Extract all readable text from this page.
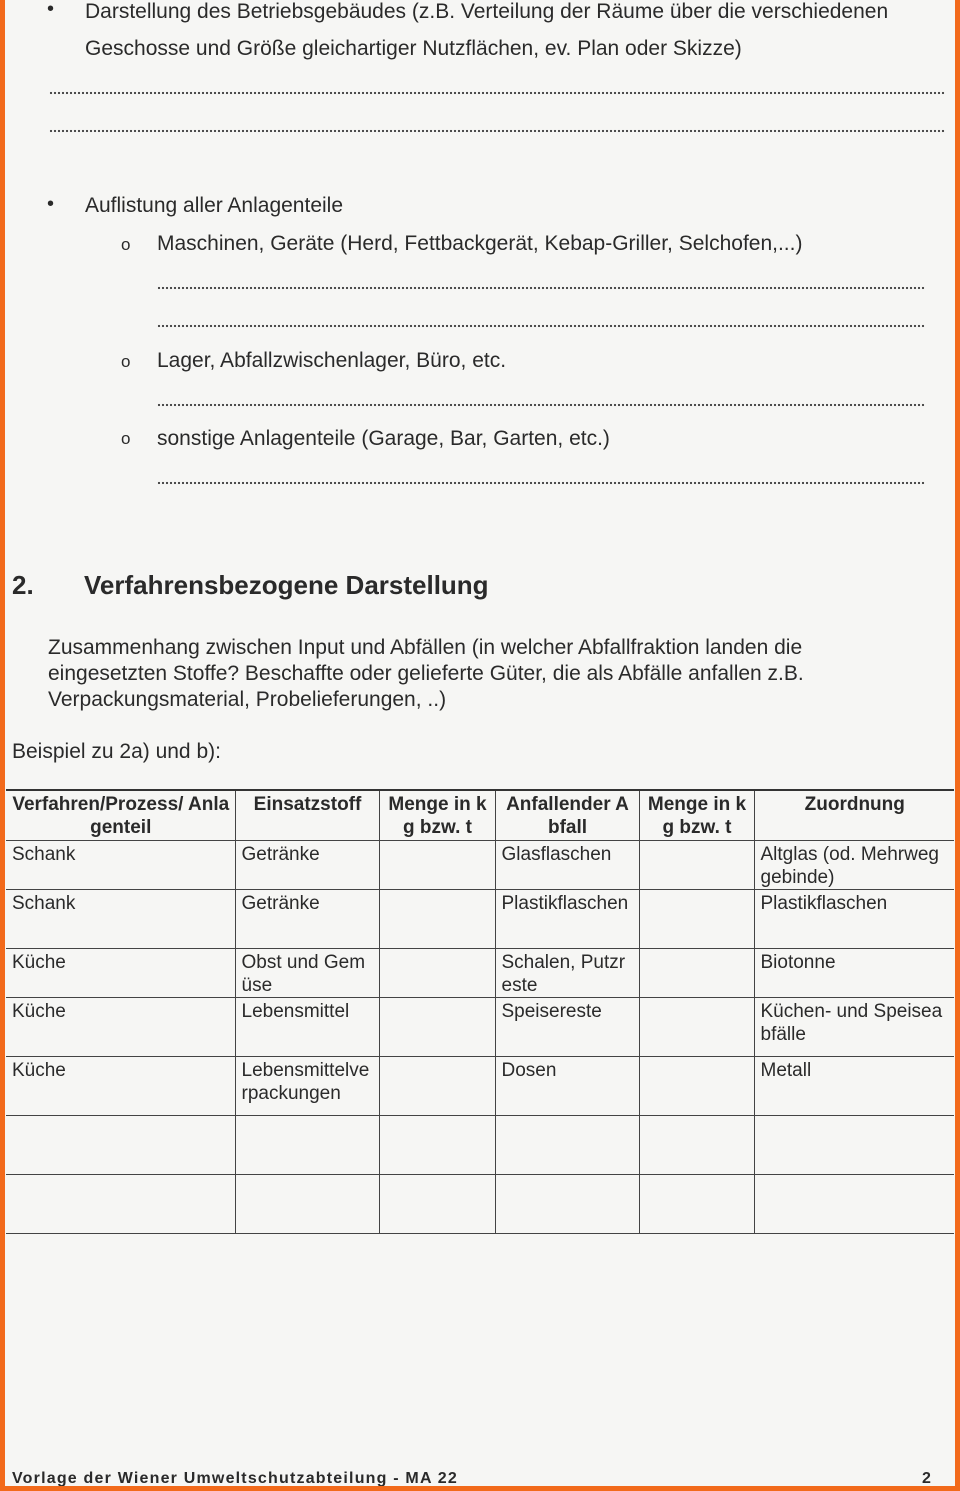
• Darstellung des Betriebsgebäudes (z.B. Verteilung der Räume über die verschiedenen
Geschosse und Größe gleichartiger Nutzflächen, ev. Plan oder Skizze)
• Auflistung aller Anlagenteile
o Maschinen, Geräte (Herd, Fettbackgerät, Kebap-Griller, Selchofen,...)
o Lager, Abfallzwischenlager, Büro, etc.
o sonstige Anlagenteile (Garage, Bar, Garten, etc.)
2. Verfahrensbezogene Darstellung
Zusammenhang zwischen Input und Abfällen (in welcher Abfallfraktion landen die
eingesetzten Stoffe? Beschaffte oder gelieferte Güter, die als Abfälle anfallen z.B.
Verpackungsmaterial, Probelieferungen, ..)
Beispiel zu 2a) und b):
Verfahren/Prozess/ Anlagenteil	Einsatzstoff	Menge in kg bzw. t	Anfallender Abfall	Menge in kg bzw. t	Zuordnung
Schank	Getränke		Glasflaschen		Altglas (od. Mehrweggebinde)
Schank	Getränke		Plastikflaschen		Plastikflaschen
Küche	Obst und Gemüse		Schalen, Putzreste		Biotonne
Küche	Lebensmittel		Speisereste		Küchen- und Speiseabfälle
Küche	Lebensmittelverpackungen		Dosen		Metall

Vorlage der Wiener Umweltschutzabteilung - MA 22	2
